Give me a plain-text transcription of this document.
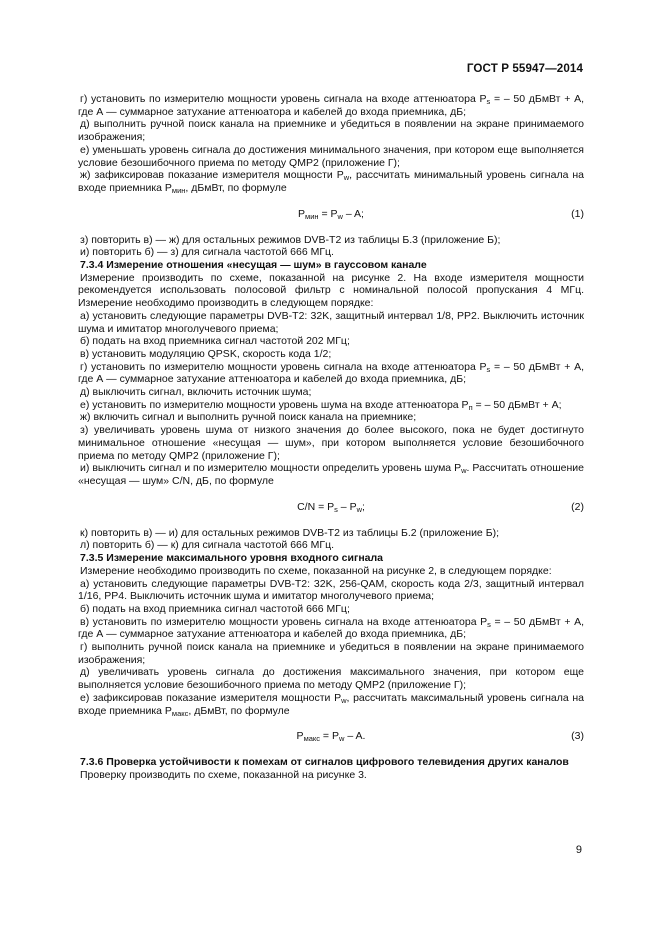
ГОСТ Р 55947—2014

г) установить по измерителю мощности уровень сигнала на входе аттенюатора $P_s$ = – 50 дБмВт + А, где А — суммарное затухание аттенюатора и кабелей до входа приемника, дБ;

д) выполнить ручной поиск канала на приемнике и убедиться в появлении на экране принимаемого изображения;

е) уменьшать уровень сигнала до достижения минимального значения, при котором еще выполняется условие безошибочного приема по методу QMP2 (приложение Г);

ж) зафиксировав показание измерителя мощности $P_w$, рассчитать минимальный уровень сигнала на входе приемника $P_{мин}$, дБмВт, по формуле

$P_{мин} = P_w - A$;	(1)

з) повторить в) — ж) для остальных режимов DVB-T2 из таблицы Б.3 (приложение Б);

и) повторить б) — з) для сигнала частотой 666 МГц.

7.3.4 Измерение отношения «несущая — шум» в гауссовом канале

Измерение производить по схеме, показанной на рисунке 2. На входе измерителя мощности рекомендуется использовать полосовой фильтр с номинальной полосой пропускания 4 МГц. Измерение необходимо производить в следующем порядке:

а) установить следующие параметры DVB-T2: 32K, защитный интервал 1/8, PP2. Выключить источник шума и имитатор многолучевого приема;

б) подать на вход приемника сигнал частотой 202 МГц;

в) установить модуляцию QPSK, скорость кода 1/2;

г) установить по измерителю мощности уровень сигнала на входе аттенюатора $P_s$ = – 50 дБмВт + А, где А — суммарное затухание аттенюатора и кабелей до входа приемника, дБ;

д) выключить сигнал, включить источник шума;

е) установить по измерителю мощности уровень шума на входе аттенюатора $P_п$ = – 50 дБмВт + А;

ж) включить сигнал и выполнить ручной поиск канала на приемнике;

з) увеличивать уровень шума от низкого значения до более высокого, пока не будет достигнуто минимальное отношение «несущая — шум», при котором выполняется условие безошибочного приема по методу QMP2 (приложение Г);

и) выключить сигнал и по измерителю мощности определить уровень шума $P_w$. Рассчитать отношение «несущая — шум» C/N, дБ, по формуле

$C/N = P_s - P_w$;	(2)

к) повторить в) — и) для остальных режимов DVB-T2 из таблицы Б.2 (приложение Б);

л) повторить б) — к) для сигнала частотой 666 МГц.

7.3.5 Измерение максимального уровня входного сигнала

Измерение необходимо производить по схеме, показанной на рисунке 2, в следующем порядке:

а) установить следующие параметры DVB-T2: 32K, 256-QAM, скорость кода 2/3, защитный интервал 1/16, PP4. Выключить источник шума и имитатор многолучевого приема;

б) подать на вход приемника сигнал частотой 666 МГц;

в) установить по измерителю мощности уровень сигнала на входе аттенюатора $P_s$ = – 50 дБмВт + А, где А — суммарное затухание аттенюатора и кабелей до входа приемника, дБ;

г) выполнить ручной поиск канала на приемнике и убедиться в появлении на экране принимаемого изображения;

д) увеличивать уровень сигнала до достижения максимального значения, при котором еще выполняется условие безошибочного приема по методу QMP2 (приложение Г);

е) зафиксировав показание измерителя мощности $P_w$, рассчитать максимальный уровень сигнала на входе приемника $P_{макс}$, дБмВт, по формуле

$P_{макс} = P_w - A$.	(3)

7.3.6 Проверка устойчивости к помехам от сигналов цифрового телевидения других каналов

Проверку производить по схеме, показанной на рисунке 3.

9
